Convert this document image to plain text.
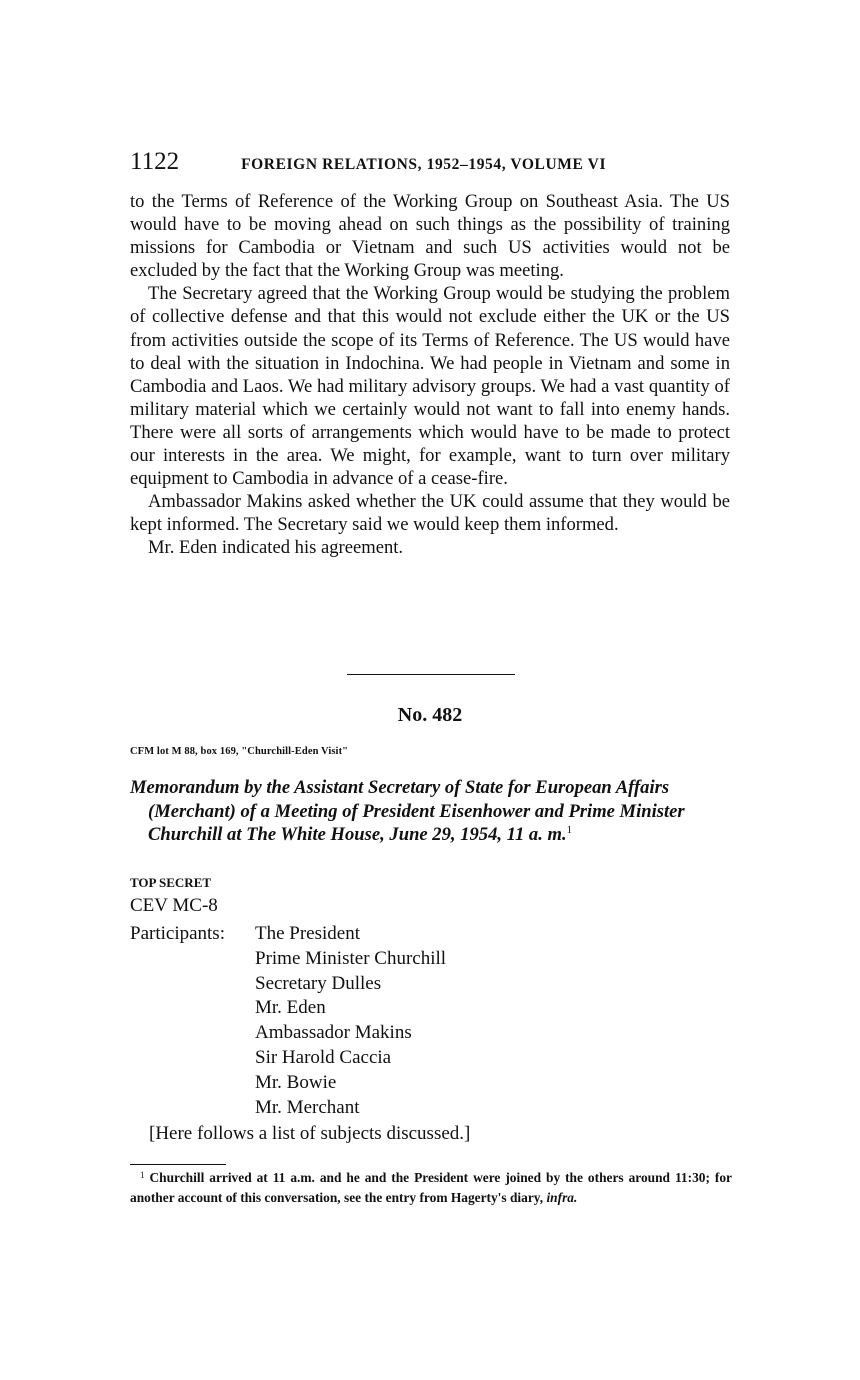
1122	FOREIGN RELATIONS, 1952–1954, VOLUME VI

to the Terms of Reference of the Working Group on Southeast Asia. The US would have to be moving ahead on such things as the possibility of training missions for Cambodia or Vietnam and such US activities would not be excluded by the fact that the Working Group was meeting.

The Secretary agreed that the Working Group would be studying the problem of collective defense and that this would not exclude either the UK or the US from activities outside the scope of its Terms of Reference. The US would have to deal with the situation in Indochina. We had people in Vietnam and some in Cambodia and Laos. We had military advisory groups. We had a vast quantity of military material which we certainly would not want to fall into enemy hands. There were all sorts of arrangements which would have to be made to protect our interests in the area. We might, for example, want to turn over military equipment to Cambodia in advance of a cease-fire.

Ambassador Makins asked whether the UK could assume that they would be kept informed. The Secretary said we would keep them informed.

Mr. Eden indicated his agreement.

No. 482
CFM lot M 88, box 169, "Churchill-Eden Visit"
Memorandum by the Assistant Secretary of State for European Affairs (Merchant) of a Meeting of President Eisenhower and Prime Minister Churchill at The White House, June 29, 1954, 11 a. m.$^1$
TOP SECRET
CEV MC-8
Participants: The President
Prime Minister Churchill
Secretary Dulles
Mr. Eden
Ambassador Makins
Sir Harold Caccia
Mr. Bowie
Mr. Merchant
[Here follows a list of subjects discussed.]
$^1$ Churchill arrived at 11 a.m. and he and the President were joined by the others around 11:30; for another account of this conversation, see the entry from Hagerty's diary, infra.
